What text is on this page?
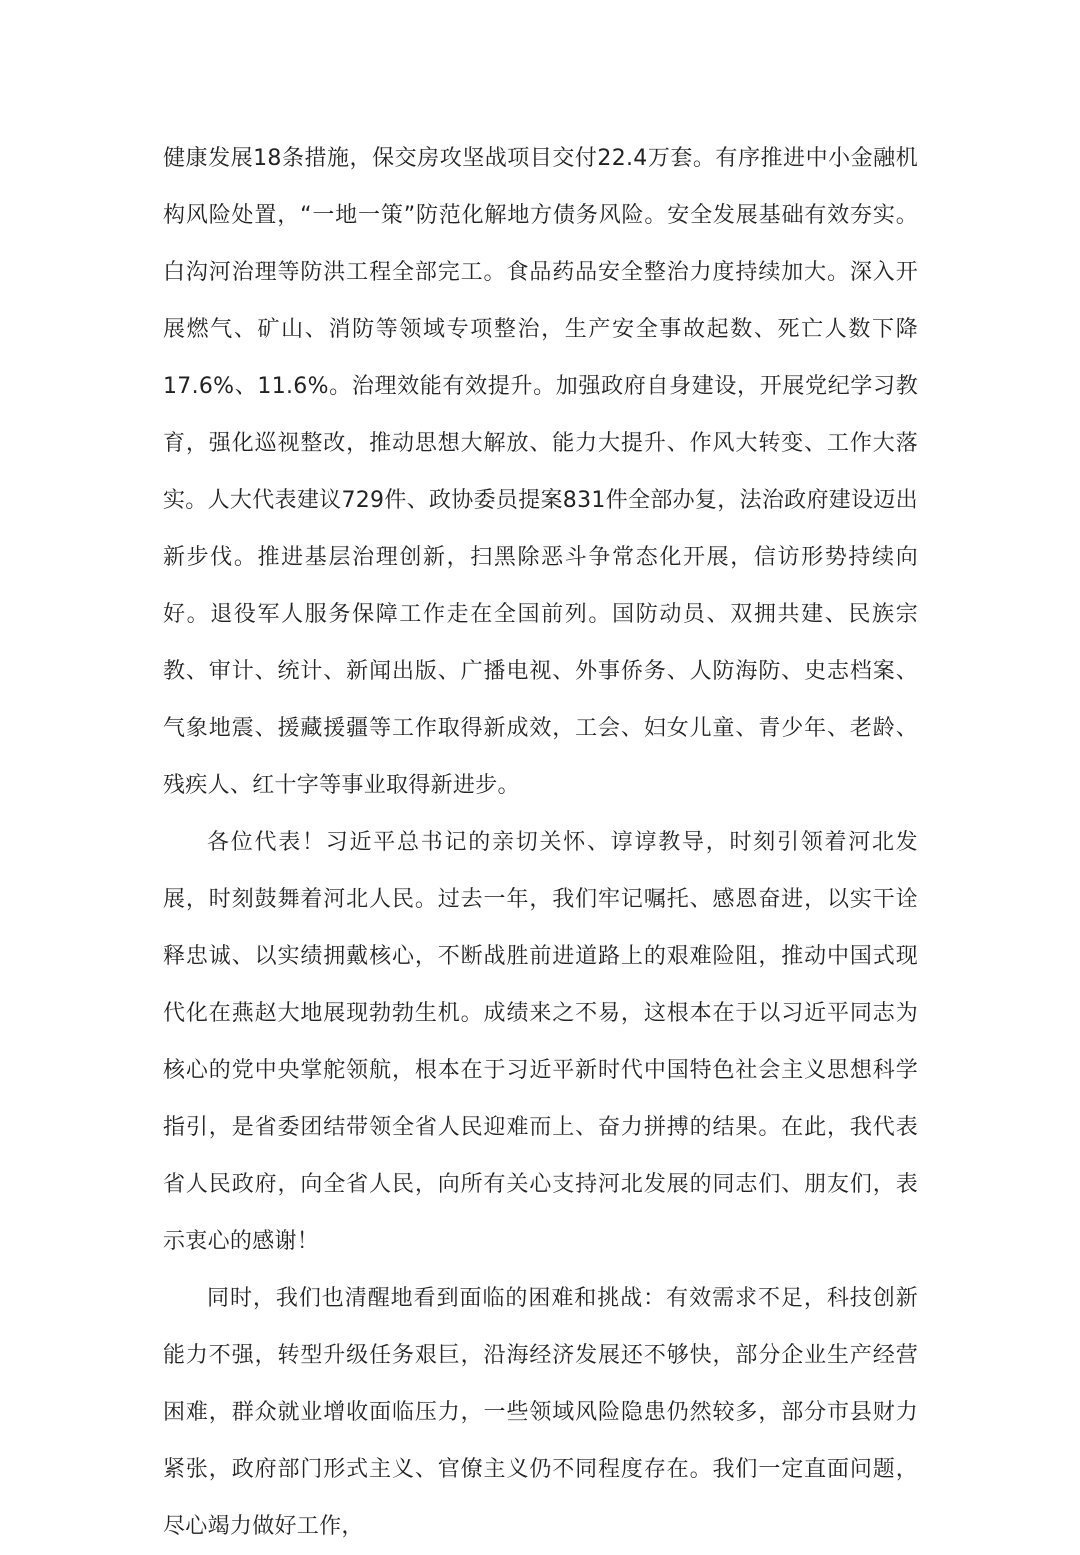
健康发展18条措施，保交房攻坚战项目交付22.4万套。有序推进中小金融机构风险处置，“一地一策”防范化解地方债务风险。安全发展基础有效夯实。白沟河治理等防洪工程全部完工。食品药品安全整治力度持续加大。深入开展燃气、矿山、消防等领域专项整治，生产安全事故起数、死亡人数下降17.6%、11.6%。治理效能有效提升。加强政府自身建设，开展党纪学习教育，强化巡视整改，推动思想大解放、能力大提升、作风大转变、工作大落实。人大代表建议729件、政协委员提案831件全部办复，法治政府建设迈出新步伐。推进基层治理创新，扫黑除恶斗争常态化开展，信访形势持续向好。退役军人服务保障工作走在全国前列。国防动员、双拥共建、民族宗教、审计、统计、新闻出版、广播电视、外事侨务、人防海防、史志档案、气象地震、援藏援疆等工作取得新成效，工会、妇女儿童、青少年、老龄、残疾人、红十字等事业取得新进步。

各位代表！习近平总书记的亲切关怀、谆谆教导，时刻引领着河北发展，时刻鼓舞着河北人民。过去一年，我们牢记嘱托、感恩奋进，以实干诠释忠诚、以实绩拥戴核心，不断战胜前进道路上的艰难险阻，推动中国式现代化在燕赵大地展现勃勃生机。成绩来之不易，这根本在于以习近平同志为核心的党中央掌舵领航，根本在于习近平新时代中国特色社会主义思想科学指引，是省委团结带领全省人民迎难而上、奋力拼搏的结果。在此，我代表省人民政府，向全省人民，向所有关心支持河北发展的同志们、朋友们，表示衷心的感谢！

同时，我们也清醒地看到面临的困难和挑战：有效需求不足，科技创新能力不强，转型升级任务艰巨，沿海经济发展还不够快，部分企业生产经营困难，群众就业增收面临压力，一些领域风险隐患仍然较多，部分市县财力紧张，政府部门形式主义、官僚主义仍不同程度存在。我们一定直面问题，尽心竭力做好工作，
